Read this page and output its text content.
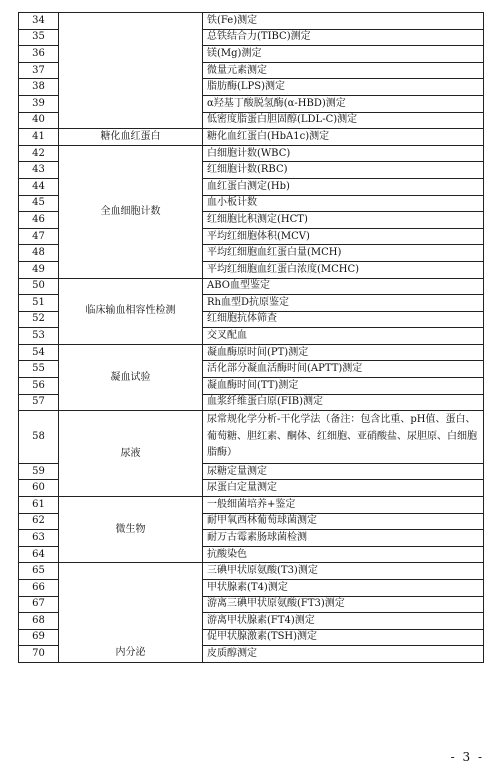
34		铁(Fe)测定
35		总铁结合力(TIBC)测定
36		镁(Mg)测定
37		微量元素测定
38		脂肪酶(LPS)测定
39		α羟基丁酸脱氢酶(α-HBD)测定
40		低密度脂蛋白胆固醇(LDL-C)测定
41	糖化血红蛋白	糖化血红蛋白(HbA1c)测定
42	全血细胞计数	白细胞计数(WBC)
43		红细胞计数(RBC)
44		血红蛋白测定(Hb)
45		血小板计数
46		红细胞比积测定(HCT)
47		平均红细胞体积(MCV)
48		平均红细胞血红蛋白量(MCH)
49		平均红细胞血红蛋白浓度(MCHC)
50	临床输血相容性检测	ABO血型鉴定
51		Rh血型D抗原鉴定
52		红细胞抗体筛查
53		交叉配血
54	凝血试验	凝血酶原时间(PT)测定
55		活化部分凝血活酶时间(APTT)测定
56		凝血酶时间(TT)测定
57		血浆纤维蛋白原(FIB)测定
58	尿液	尿常规化学分析-干化学法（备注：包含比重、pH值、蛋白、葡萄糖、胆红素、酮体、红细胞、亚硝酸盐、尿胆原、白细胞脂酶）
59		尿糖定量测定
60		尿蛋白定量测定
61	微生物	一般细菌培养+鉴定
62		耐甲氧西林葡萄球菌测定
63		耐万古霉素肠球菌检测
64		抗酸染色
65	内分泌	三碘甲状原氨酸(T3)测定
66		甲状腺素(T4)测定
67		游离三碘甲状原氨酸(FT3)测定
68		游离甲状腺素(FT4)测定
69		促甲状腺激素(TSH)测定
70		皮质醇测定
- 3 -
